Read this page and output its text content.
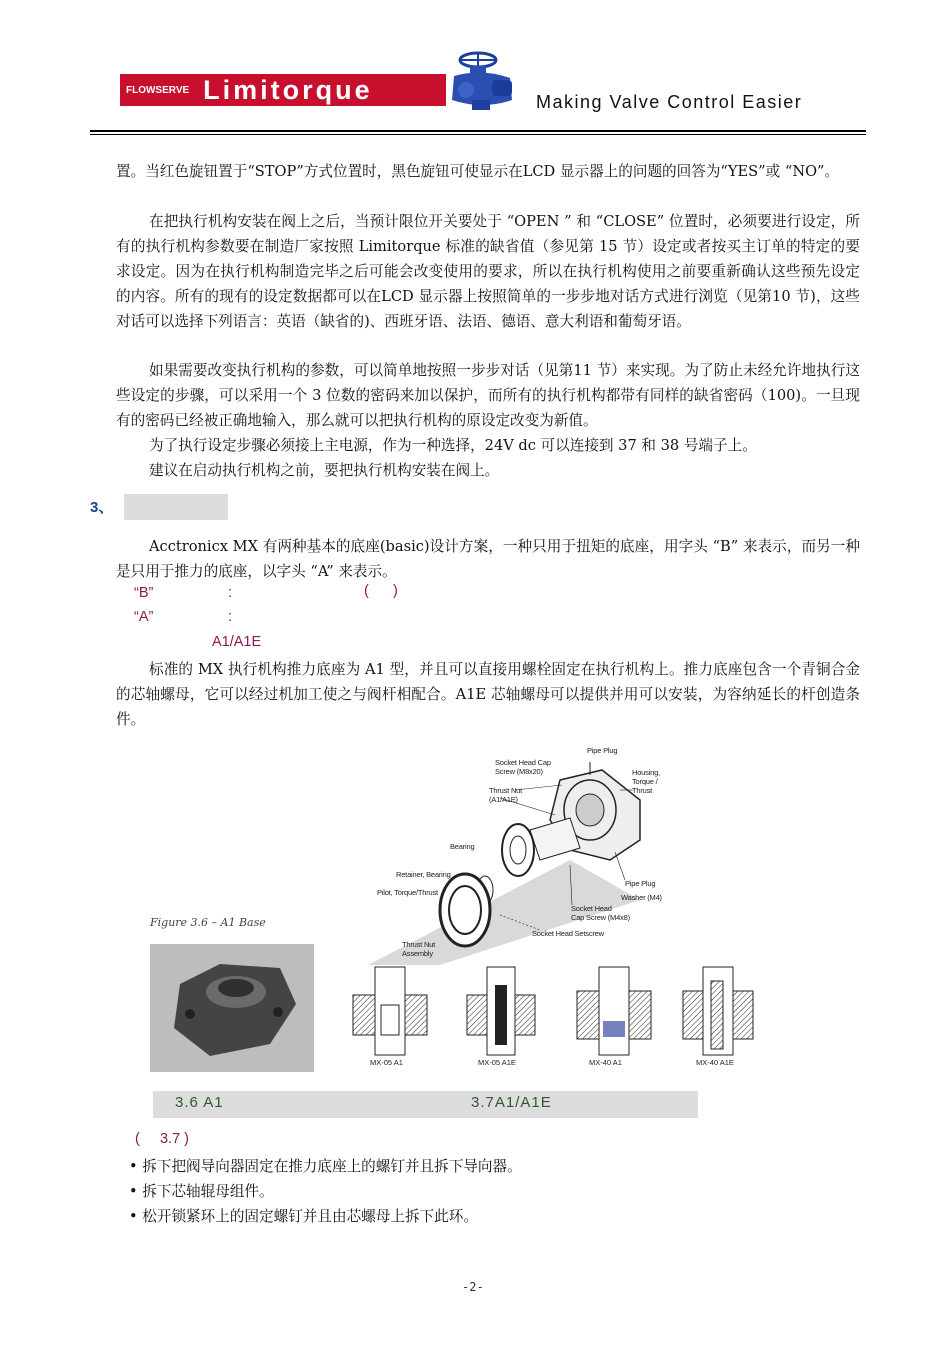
FLOWSERVE Limitorque	Making Valve Control Easier

置。当红色旋钮置于“STOP”方式位置时，黑色旋钮可使显示在LCD 显示器上的问题的回答为“YES”或 “NO”。

在把执行机构安装在阀上之后，当预计限位开关要处于 “OPEN ” 和 “CLOSE” 位置时，必须要进行设定，所有的执行机构参数要在制造厂家按照 Limitorque 标准的缺省值（参见第 15 节）设定或者按买主订单的特定的要求设定。因为在执行机构制造完毕之后可能会改变使用的要求，所以在执行机构使用之前要重新确认这些预先设定的内容。所有的现有的设定数据都可以在LCD 显示器上按照简单的一步步地对话方式进行浏览（见第10 节)，这些对话可以选择下列语言：英语（缺省的)、西班牙语、法语、德语、意大利语和葡萄牙语。

如果需要改变执行机构的参数，可以简单地按照一步步对话（见第11 节）来实现。为了防止未经允许地执行这些设定的步骤，可以采用一个 3 位数的密码来加以保护，而所有的执行机构都带有同样的缺省密码（100)。一旦现有的密码已经被正确地输入，那么就可以把执行机构的原设定改变为新值。

为了执行设定步骤必须接上主电源，作为一种选择，24V dc 可以连接到 37 和 38 号端子上。

建议在启动执行机构之前，要把执行机构安装在阀上。

3、

Acctronicx MX 有两种基本的底座(basic)设计方案，一种只用于扭矩的底座，用字头 “B” 来表示，而另一种是只用于推力的底座，以字头 “A” 来表示。

“B”	:	(      )
“A”	:
A1/A1E

标准的 MX 执行机构推力底座为 A1 型，并且可以直接用螺栓固定在执行机构上。推力底座包含一个青铜合金的芯轴螺母，它可以经过机加工使之与阀杆相配合。A1E 芯轴螺母可以提供并用可以安装，为容纳延长的杆创造条件。

Figure 3.6 – A1 Base
Pipe Plug
Socket Head Cap
Screw (M8x20)	Housing,
Torque /
Thrust
Thrust Nut
(A1/A1E)
Bearing
Retainer, Bearing
Pilot, Torque/Thrust
Pipe Plug
Washer (M4)
Socket Head
Cap Screw (M4x8)
Socket Head Setscrew
Thrust Nut
Assembly
MX-05 A1	MX-05 A1E	MX-40 A1	MX-40 A1E
3.6 A1	3.7A1/A1E
(     3.7 )
• 拆下把阀导向器固定在推力底座上的螺钉并且拆下导向器。
• 拆下芯轴辊母组件。
• 松开锁紧环上的固定螺钉并且由芯螺母上拆下此环。
-2-
